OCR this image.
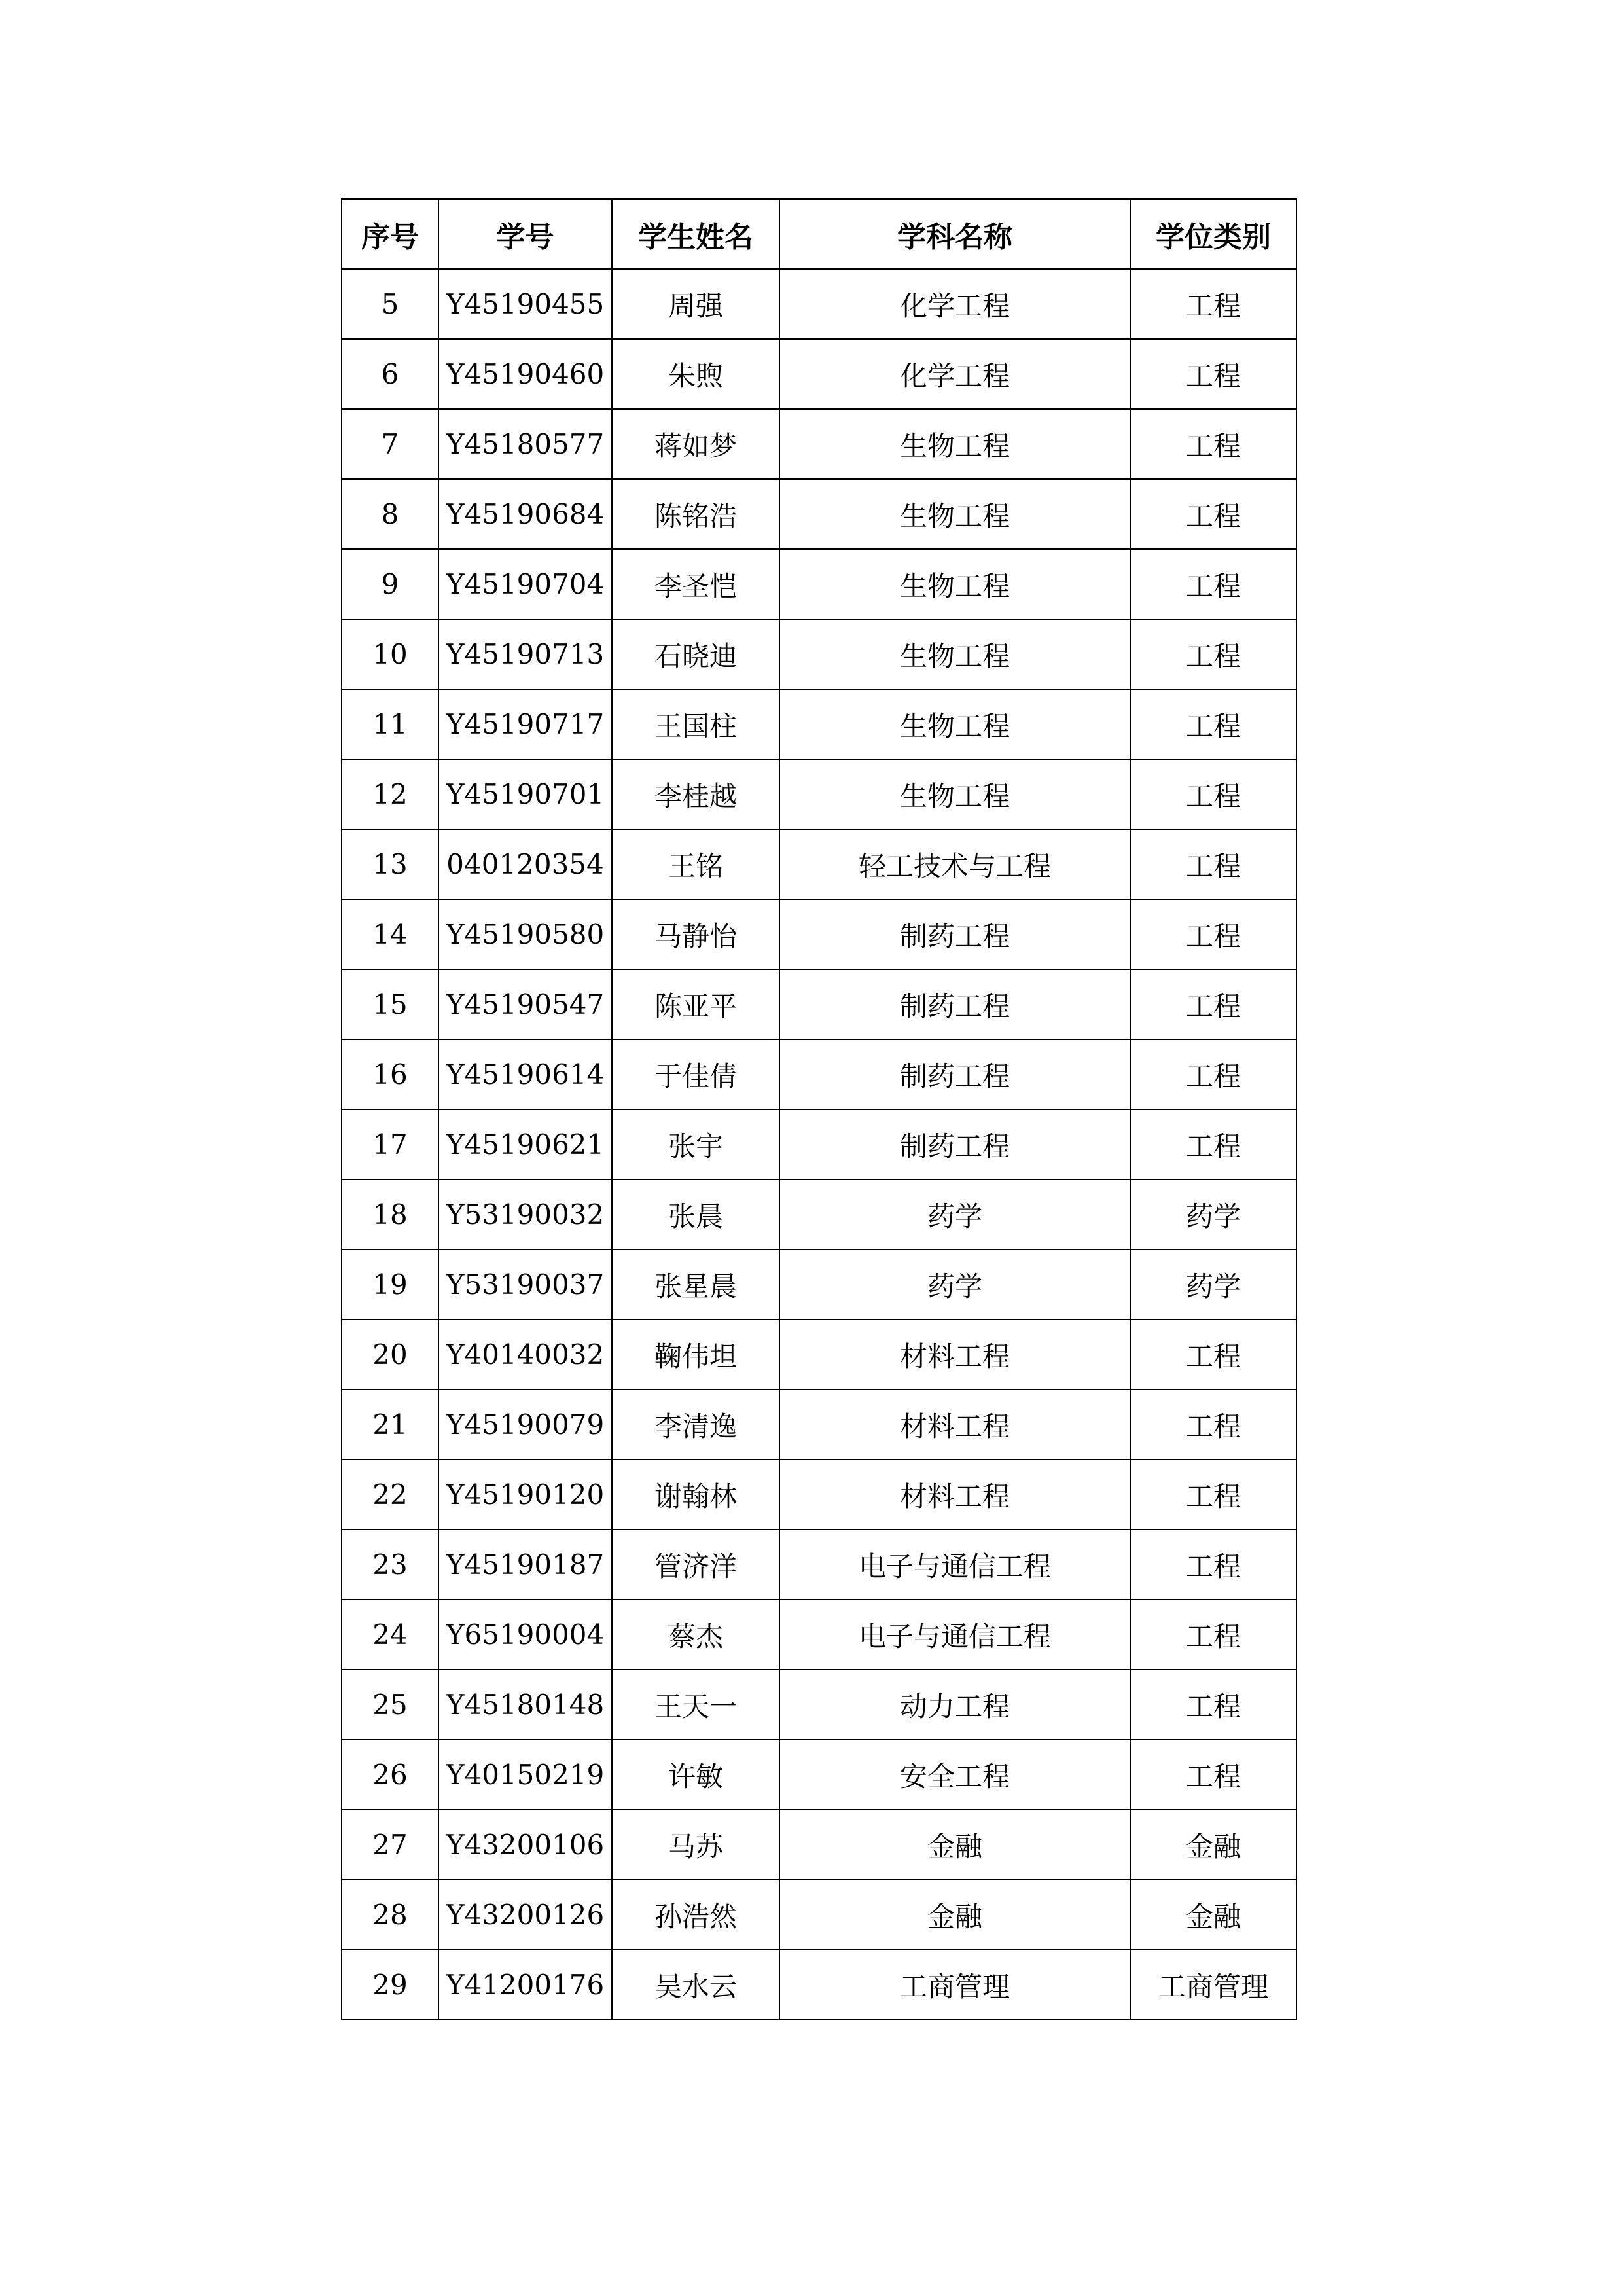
序号	学号	学生姓名	学科名称	学位类别
5	Y45190455	周强	化学工程	工程
6	Y45190460	朱煦	化学工程	工程
7	Y45180577	蒋如梦	生物工程	工程
8	Y45190684	陈铭浩	生物工程	工程
9	Y45190704	李圣恺	生物工程	工程
10	Y45190713	石晓迪	生物工程	工程
11	Y45190717	王国柱	生物工程	工程
12	Y45190701	李桂越	生物工程	工程
13	040120354	王铭	轻工技术与工程	工程
14	Y45190580	马静怡	制药工程	工程
15	Y45190547	陈亚平	制药工程	工程
16	Y45190614	于佳倩	制药工程	工程
17	Y45190621	张宇	制药工程	工程
18	Y53190032	张晨	药学	药学
19	Y53190037	张星晨	药学	药学
20	Y40140032	鞠伟坦	材料工程	工程
21	Y45190079	李清逸	材料工程	工程
22	Y45190120	谢翰林	材料工程	工程
23	Y45190187	管济洋	电子与通信工程	工程
24	Y65190004	蔡杰	电子与通信工程	工程
25	Y45180148	王天一	动力工程	工程
26	Y40150219	许敏	安全工程	工程
27	Y43200106	马苏	金融	金融
28	Y43200126	孙浩然	金融	金融
29	Y41200176	吴水云	工商管理	工商管理
